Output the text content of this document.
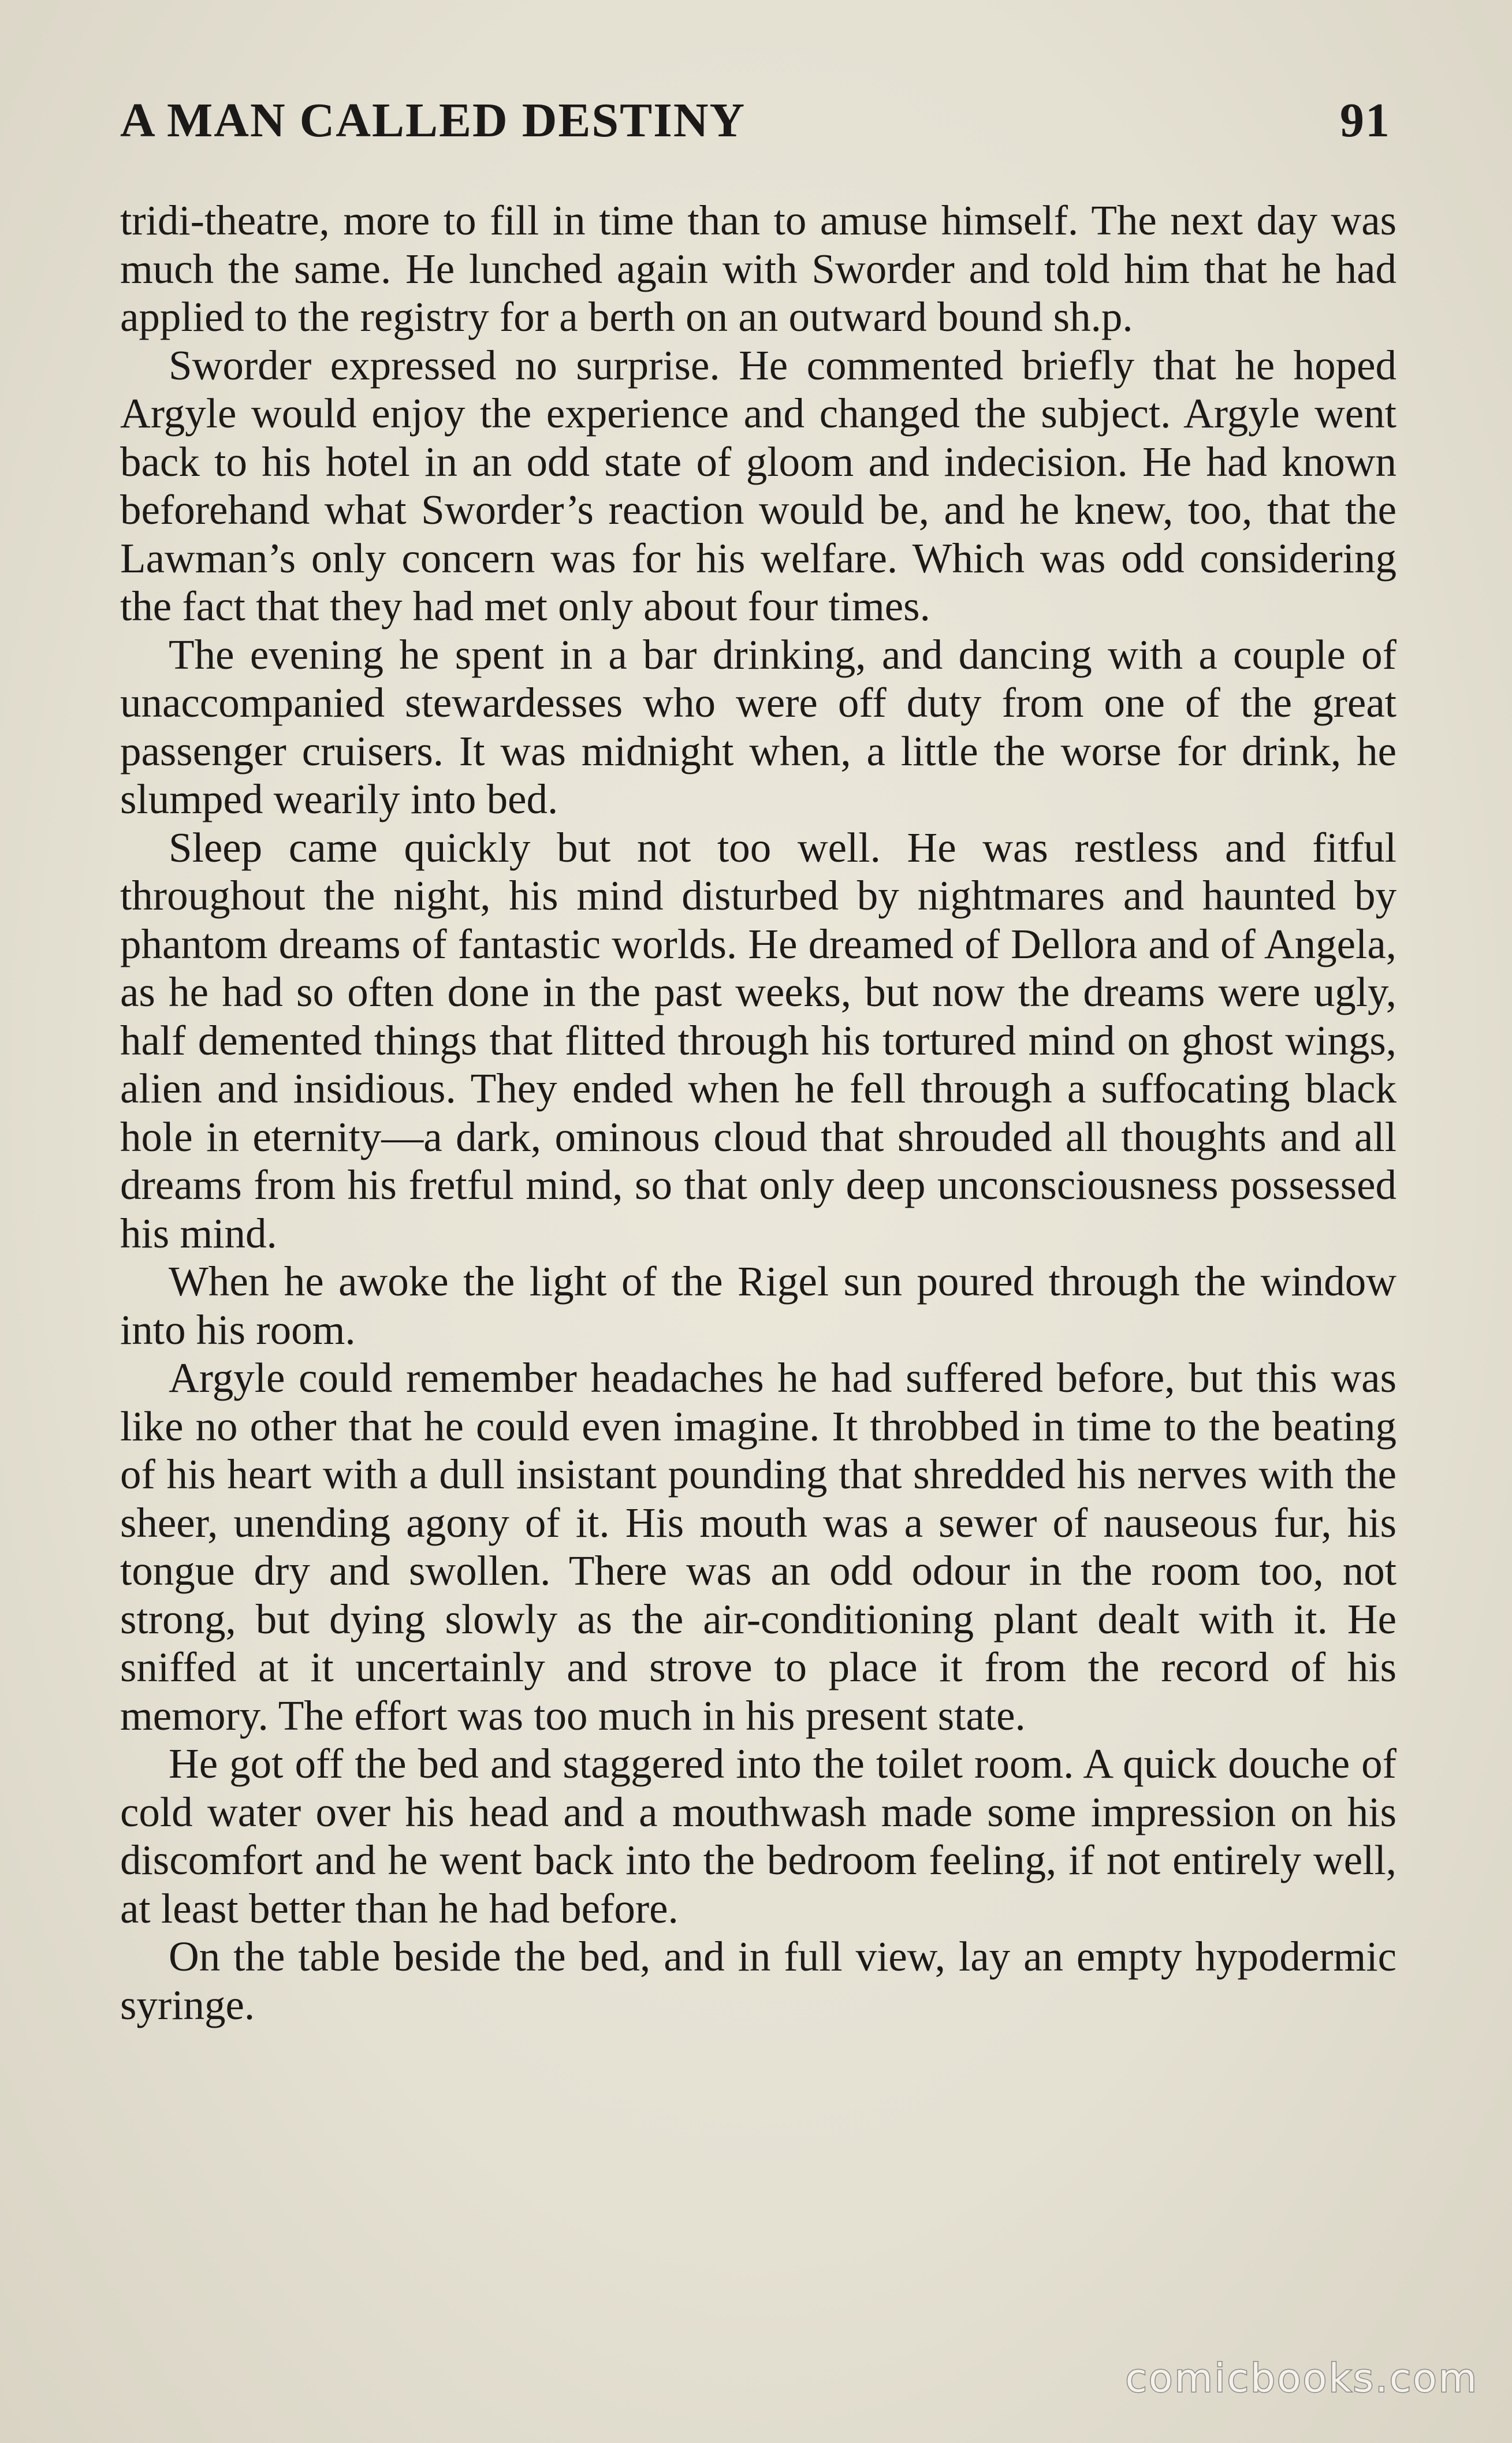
A MAN CALLED DESTINY	91

tridi-theatre, more to fill in time than to amuse himself. The next day was much the same. He lunched again with Sworder and told him that he had applied to the registry for a berth on an outward bound sh.p.

Sworder expressed no surprise. He commented briefly that he hoped Argyle would enjoy the experience and changed the subject. Argyle went back to his hotel in an odd state of gloom and indecision. He had known beforehand what Sworder’s reaction would be, and he knew, too, that the Lawman’s only concern was for his welfare. Which was odd considering the fact that they had met only about four times.

The evening he spent in a bar drinking, and dancing with a couple of unaccompanied stewardesses who were off duty from one of the great passenger cruisers. It was midnight when, a little the worse for drink, he slumped wearily into bed.

Sleep came quickly but not too well. He was restless and fitful throughout the night, his mind disturbed by nightmares and haunted by phantom dreams of fantastic worlds. He dreamed of Dellora and of Angela, as he had so often done in the past weeks, but now the dreams were ugly, half demented things that flitted through his tortured mind on ghost wings, alien and insidious. They ended when he fell through a suffocating black hole in eternity—a dark, ominous cloud that shrouded all thoughts and all dreams from his fretful mind, so that only deep unconsciousness possessed his mind.

When he awoke the light of the Rigel sun poured through the window into his room.

Argyle could remember headaches he had suffered before, but this was like no other that he could even imagine. It throbbed in time to the beating of his heart with a dull insistant pounding that shredded his nerves with the sheer, unending agony of it. His mouth was a sewer of nauseous fur, his tongue dry and swollen. There was an odd odour in the room too, not strong, but dying slowly as the air-conditioning plant dealt with it. He sniffed at it uncertainly and strove to place it from the record of his memory. The effort was too much in his present state.

He got off the bed and staggered into the toilet room. A quick douche of cold water over his head and a mouthwash made some impression on his discomfort and he went back into the bedroom feeling, if not entirely well, at least better than he had before.

On the table beside the bed, and in full view, lay an empty hypodermic syringe.

comicbooks.com
